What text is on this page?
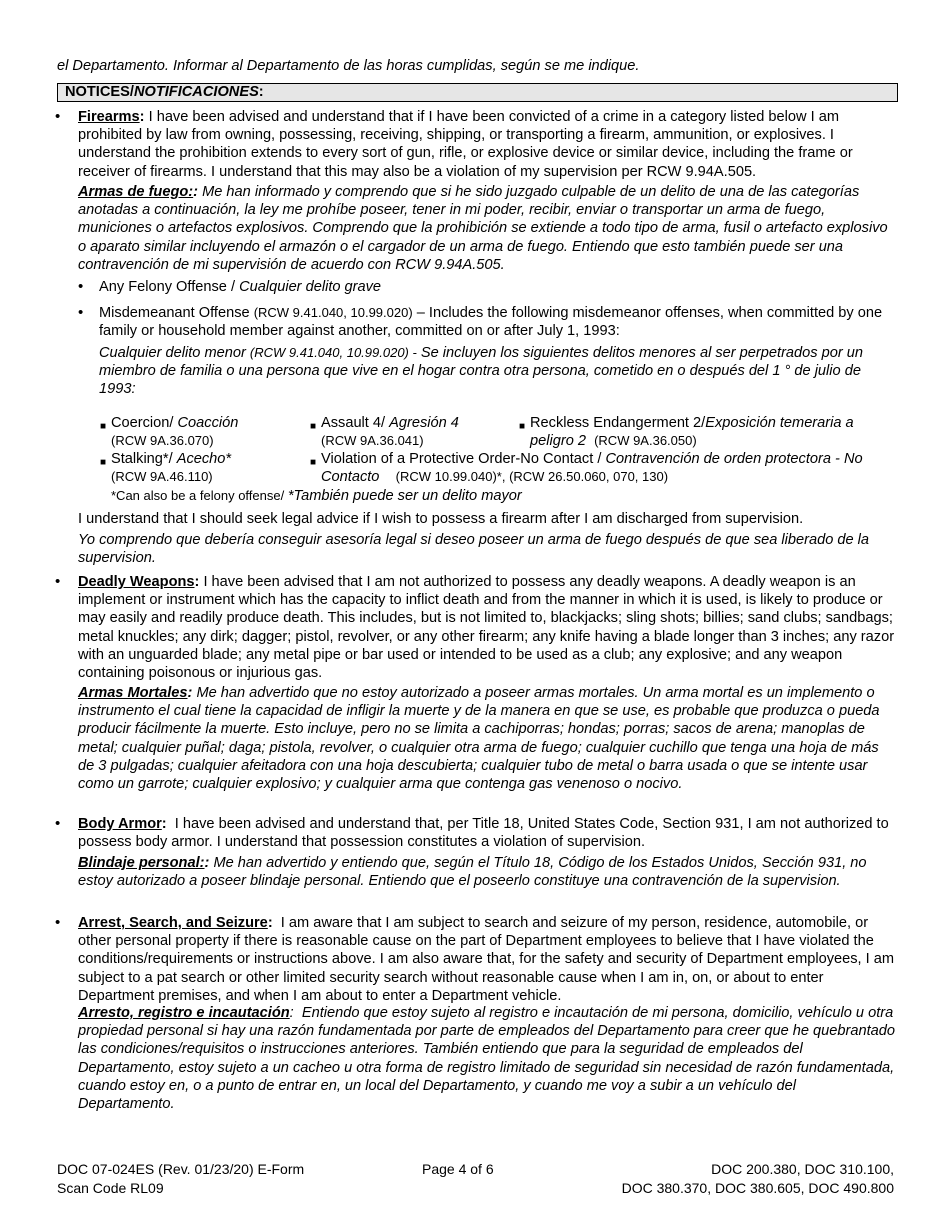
el Departamento. Informar al Departamento de las horas cumplidas, según se me indique.
NOTICES/NOTIFICACIONES:
•	Firearms: I have been advised and understand that if I have been convicted of a crime in a category listed below I am prohibited by law from owning, possessing, receiving, shipping, or transporting a firearm, ammunition, or explosives. I understand the prohibition extends to every sort of gun, rifle, or explosive device or similar device, including the frame or receiver of firearms. I understand that this may also be a violation of my supervision per RCW 9.94A.505.
Armas de fuego:: Me han informado y comprendo que si he sido juzgado culpable de un delito de una de las categorías anotadas a continuación, la ley me prohíbe poseer, tener in mi poder, recibir, enviar o transportar un arma de fuego, municiones o artefactos explosivos. Comprendo que la prohibición se extiende a todo tipo de arma, fusil o artefacto explosivo o aparato similar incluyendo el armazón o el cargador de un arma de fuego. Entiendo que esto también puede ser una contravención de mi supervisión de acuerdo con RCW 9.94A.505.
• Any Felony Offense / Cualquier delito grave
• Misdemeanant Offense (RCW 9.41.040, 10.99.020) – Includes the following misdemeanor offenses, when committed by one family or household member against another, committed on or after July 1, 1993:
Cualquier delito menor (RCW 9.41.040, 10.99.020) - Se incluyen los siguientes delitos menores al ser perpetrados por un miembro de familia o una persona que vive en el hogar contra otra persona, cometido en o después del 1 ° de julio de 1993:
■ Coercion/ Coacción
(RCW 9A.36.070)
■ Assault 4/ Agresión 4
(RCW 9A.36.041)
■ Reckless Endangerment 2/Exposición temeraria a peligro 2 (RCW 9A.36.050)
■ Stalking*/ Acecho*
(RCW 9A.46.110)
■ Violation of a Protective Order-No Contact / Contravención de orden protectora - No Contacto (RCW 10.99.040)*, (RCW 26.50.060, 070, 130)
*Can also be a felony offense/ *También puede ser un delito mayor
I understand that I should seek legal advice if I wish to possess a firearm after I am discharged from supervision.
Yo comprendo que debería conseguir asesoría legal si deseo poseer un arma de fuego después de que sea liberado de la supervision.
•	Deadly Weapons: I have been advised that I am not authorized to possess any deadly weapons. A deadly weapon is an implement or instrument which has the capacity to inflict death and from the manner in which it is used, is likely to produce or may easily and readily produce death. This includes, but is not limited to, blackjacks; sling shots; billies; sand clubs; sandbags; metal knuckles; any dirk; dagger; pistol, revolver, or any other firearm; any knife having a blade longer than 3 inches; any razor with an unguarded blade; any metal pipe or bar used or intended to be used as a club; any explosive; and any weapon containing poisonous or injurious gas.
Armas Mortales: Me han advertido que no estoy autorizado a poseer armas mortales. Un arma mortal es un implemento o instrumento el cual tiene la capacidad de infligir la muerte y de la manera en que se use, es probable que produzca o pueda producir fácilmente la muerte. Esto incluye, pero no se limita a cachiporras; hondas; porras; sacos de arena; manoplas de metal; cualquier puñal; daga; pistola, revolver, o cualquier otra arma de fuego; cualquier cuchillo que tenga una hoja de más de 3 pulgadas; cualquier afeitadora con una hoja descubierta; cualquier tubo de metal o barra usada o que se intente usar como un garrote; cualquier explosivo; y cualquier arma que contenga gas venenoso o nocivo.
•	Body Armor: I have been advised and understand that, per Title 18, United States Code, Section 931, I am not authorized to possess body armor. I understand that possession constitutes a violation of supervision.
Blindaje personal:: Me han advertido y entiendo que, según el Título 18, Código de los Estados Unidos, Sección 931, no estoy autorizado a poseer blindaje personal. Entiendo que el poseerlo constituye una contravención de la supervision.
•	Arrest, Search, and Seizure: I am aware that I am subject to search and seizure of my person, residence, automobile, or other personal property if there is reasonable cause on the part of Department employees to believe that I have violated the conditions/requirements or instructions above. I am also aware that, for the safety and security of Department employees, I am subject to a pat search or other limited security search without reasonable cause when I am in, on, or about to enter Department premises, and when I am about to enter a Department vehicle.
Arresto, registro e incautación:  Entiendo que estoy sujeto al registro e incautación de mi persona, domicilio, vehículo u otra propiedad personal si hay una razón fundamentada por parte de empleados del Departamento para creer que he quebrantado las condiciones/requisitos o instrucciones anteriores. También entiendo que para la seguridad de empleados del Departamento, estoy sujeto a un cacheo u otra forma de registro limitado de seguridad sin necesidad de razón fundamentada, cuando estoy en, o a punto de entrar en, un local del Departamento, y cuando me voy a subir a un vehículo del Departamento.
DOC 07-024ES (Rev. 01/23/20) E-Form
Scan Code RL09
Page 4 of 6	DOC 200.380, DOC 310.100,
DOC 380.370, DOC 380.605, DOC 490.800
